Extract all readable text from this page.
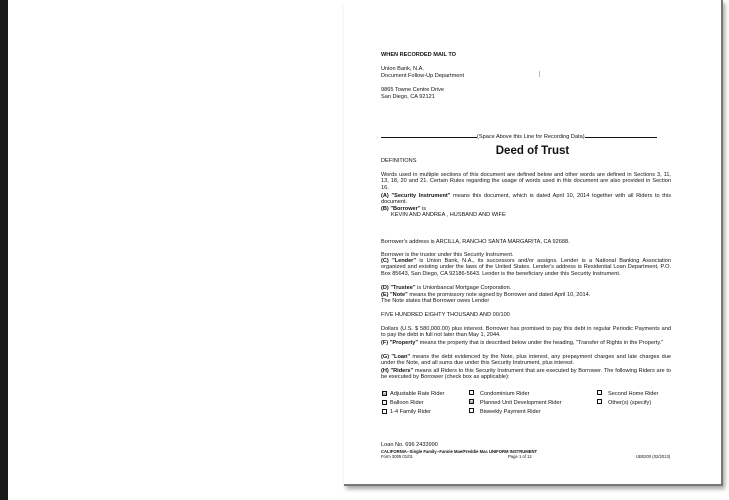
WHEN RECORDED MAIL TO
Union Bank, N.A.
Document Follow-Up Department
9865 Towne Centre Drive
San Diego, CA 92121
(Space Above this Line for Recording Data)
Deed of Trust
DEFINITIONS
Words used in multiple sections of this document are defined below and other words are defined in Sections 3, 11, 13, 18, 20 and 21. Certain Rules regarding the usage of words used in this document are also provided in Section 16.
(A) "Security Instrument" means this document, which is dated April 10, 2014 together with all Riders to this document.
(B) "Borrower" is
KEVIN AND ANDREA , HUSBAND AND WIFE
Borrower's address is ARCILLA, RANCHO SANTA MARGARITA, CA 92688.
Borrower is the trustor under this Security Instrument.
(C) "Lender" is Union Bank, N.A., its successors and/or assigns. Lender is a National Banking Association organized and existing under the laws of the United States. Lender's address is Residential Loan Department, P.O. Box 85643, San Diego, CA 92186-5643. Lender is the beneficiary under this Security Instrument.
(D) "Trustee" is Unionbancal Mortgage Corporation.
(E) "Note" means the promissory note signed by Borrower and dated April 10, 2014.
The Note states that Borrower owes Lender
FIVE HUNDRED EIGHTY THOUSAND AND 00/100
Dollars (U.S. $ 580,000.00) plus interest. Borrower has promised to pay this debt in regular Periodic Payments and to pay the debt in full not later than May 1, 2044.
(F) "Property" means the property that is described below under the heading, "Transfer of Rights in the Property."
(G) "Loan" means the debt evidenced by the Note, plus interest, any prepayment charges and late charges due under the Note, and all sums due under this Security Instrument, plus interest.
(H) "Riders" means all Riders to this Security Instrument that are executed by Borrower. The following Riders are to be executed by Borrower (check box as applicable):
☑ Adjustable Rate Rider	Condominium Rider	Second Home Rider
Balloon Rider	☑ Planned Unit Development Rider	Other(s) (specify)
1-4 Family Rider	Biweekly Payment Rider
Loan No. 696 2433990
CALIFORNIA--Single Family--Fannie Mae/Freddie Mac UNIFORM INSTRUMENT
Form 3005 01/01	Page 1 of 12	UB0200 (02/2013)
